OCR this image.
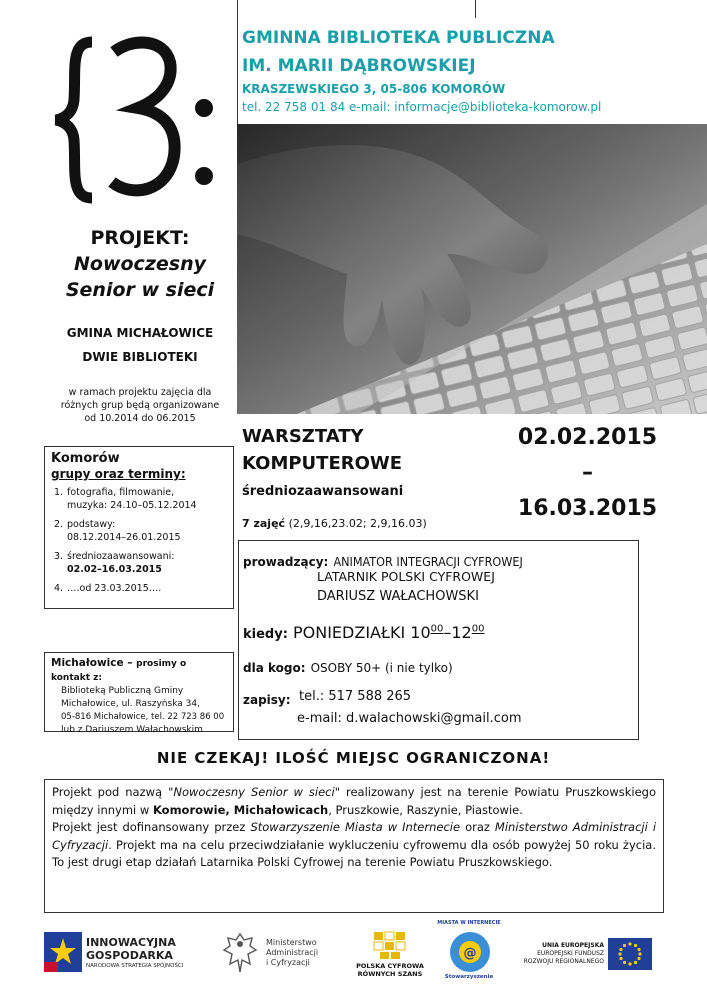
PROJEKT:
Nowoczesny
Senior w sieci
GMINA MICHAŁOWICE
DWIE BIBLIOTEKI
w ramach projektu zajęcia dla
różnych grup będą organizowane
od 10.2014 do 06.2015
Komorów
grupy oraz terminy:
1. fotografia, filmowanie,
muzyka: 24.10–05.12.2014
2. podstawy:
08.12.2014–26.01.2015
3. średniozaawansowani:
02.02–16.03.2015
4. ….od 23.03.2015….
Michałowice – prosimy o kontakt z:
Biblioteką Publiczną Gminy
Michałowice, ul. Raszyńska 34,
05-816 Michałowice, tel. 22 723 86 00
lub z Dariuszem Wałachowskim
GMINNA BIBLIOTEKA PUBLICZNA
IM. MARII DĄBROWSKIEJ
KRASZEWSKIEGO 3, 05-806 KOMORÓW
tel. 22 758 01 84 e-mail: informacje@biblioteka-komorow.pl
WARSZTATY
KOMPUTEROWE
średniozaawansowani
7 zajęć (2,9,16,23.02; 2,9,16.03)
02.02.2015
–
16.03.2015
prowadzący: ANIMATOR INTEGRACJI CYFROWEJ
LATARNIK POLSKI CYFROWEJ
DARIUSZ WAŁACHOWSKI
kiedy: PONIEDZIAŁKI $10^{00}-12^{00}$
dla kogo: OSOBY 50+ (i nie tylko)
zapisy: tel.: 517 588 265
e-mail: d.walachowski@gmail.com
NIE CZEKAJ! ILOŚĆ MIEJSC OGRANICZONA!

Projekt pod nazwą "Nowoczesny Senior w sieci" realizowany jest na terenie Powiatu Pruszkowskiego między innymi w Komorowie, Michałowicach, Pruszkowie, Raszynie, Piastowie.

Projekt jest dofinansowany przez Stowarzyszenie Miasta w Internecie oraz Ministerstwo Administracji i Cyfryzacji. Projekt ma na celu przeciwdziałanie wykluczeniu cyfrowemu dla osób powyżej 50 roku życia. To jest drugi etap działań Latarnika Polski Cyfrowej na terenie Powiatu Pruszkowskiego.

INNOWACYJNA
GOSPODARKA
NARODOWA STRATEGIA SPÓJNOŚCI
Ministerstwo
Administracji
i Cyfryzacji	POLSKA CYFROWA
RÓWNYCH SZANS
@
MIASTA W INTERNECIE
Stowarzyszenie
UNIA EUROPEJSKA
EUROPEJSKI FUNDUSZ
ROZWOJU REGIONALNEGO
